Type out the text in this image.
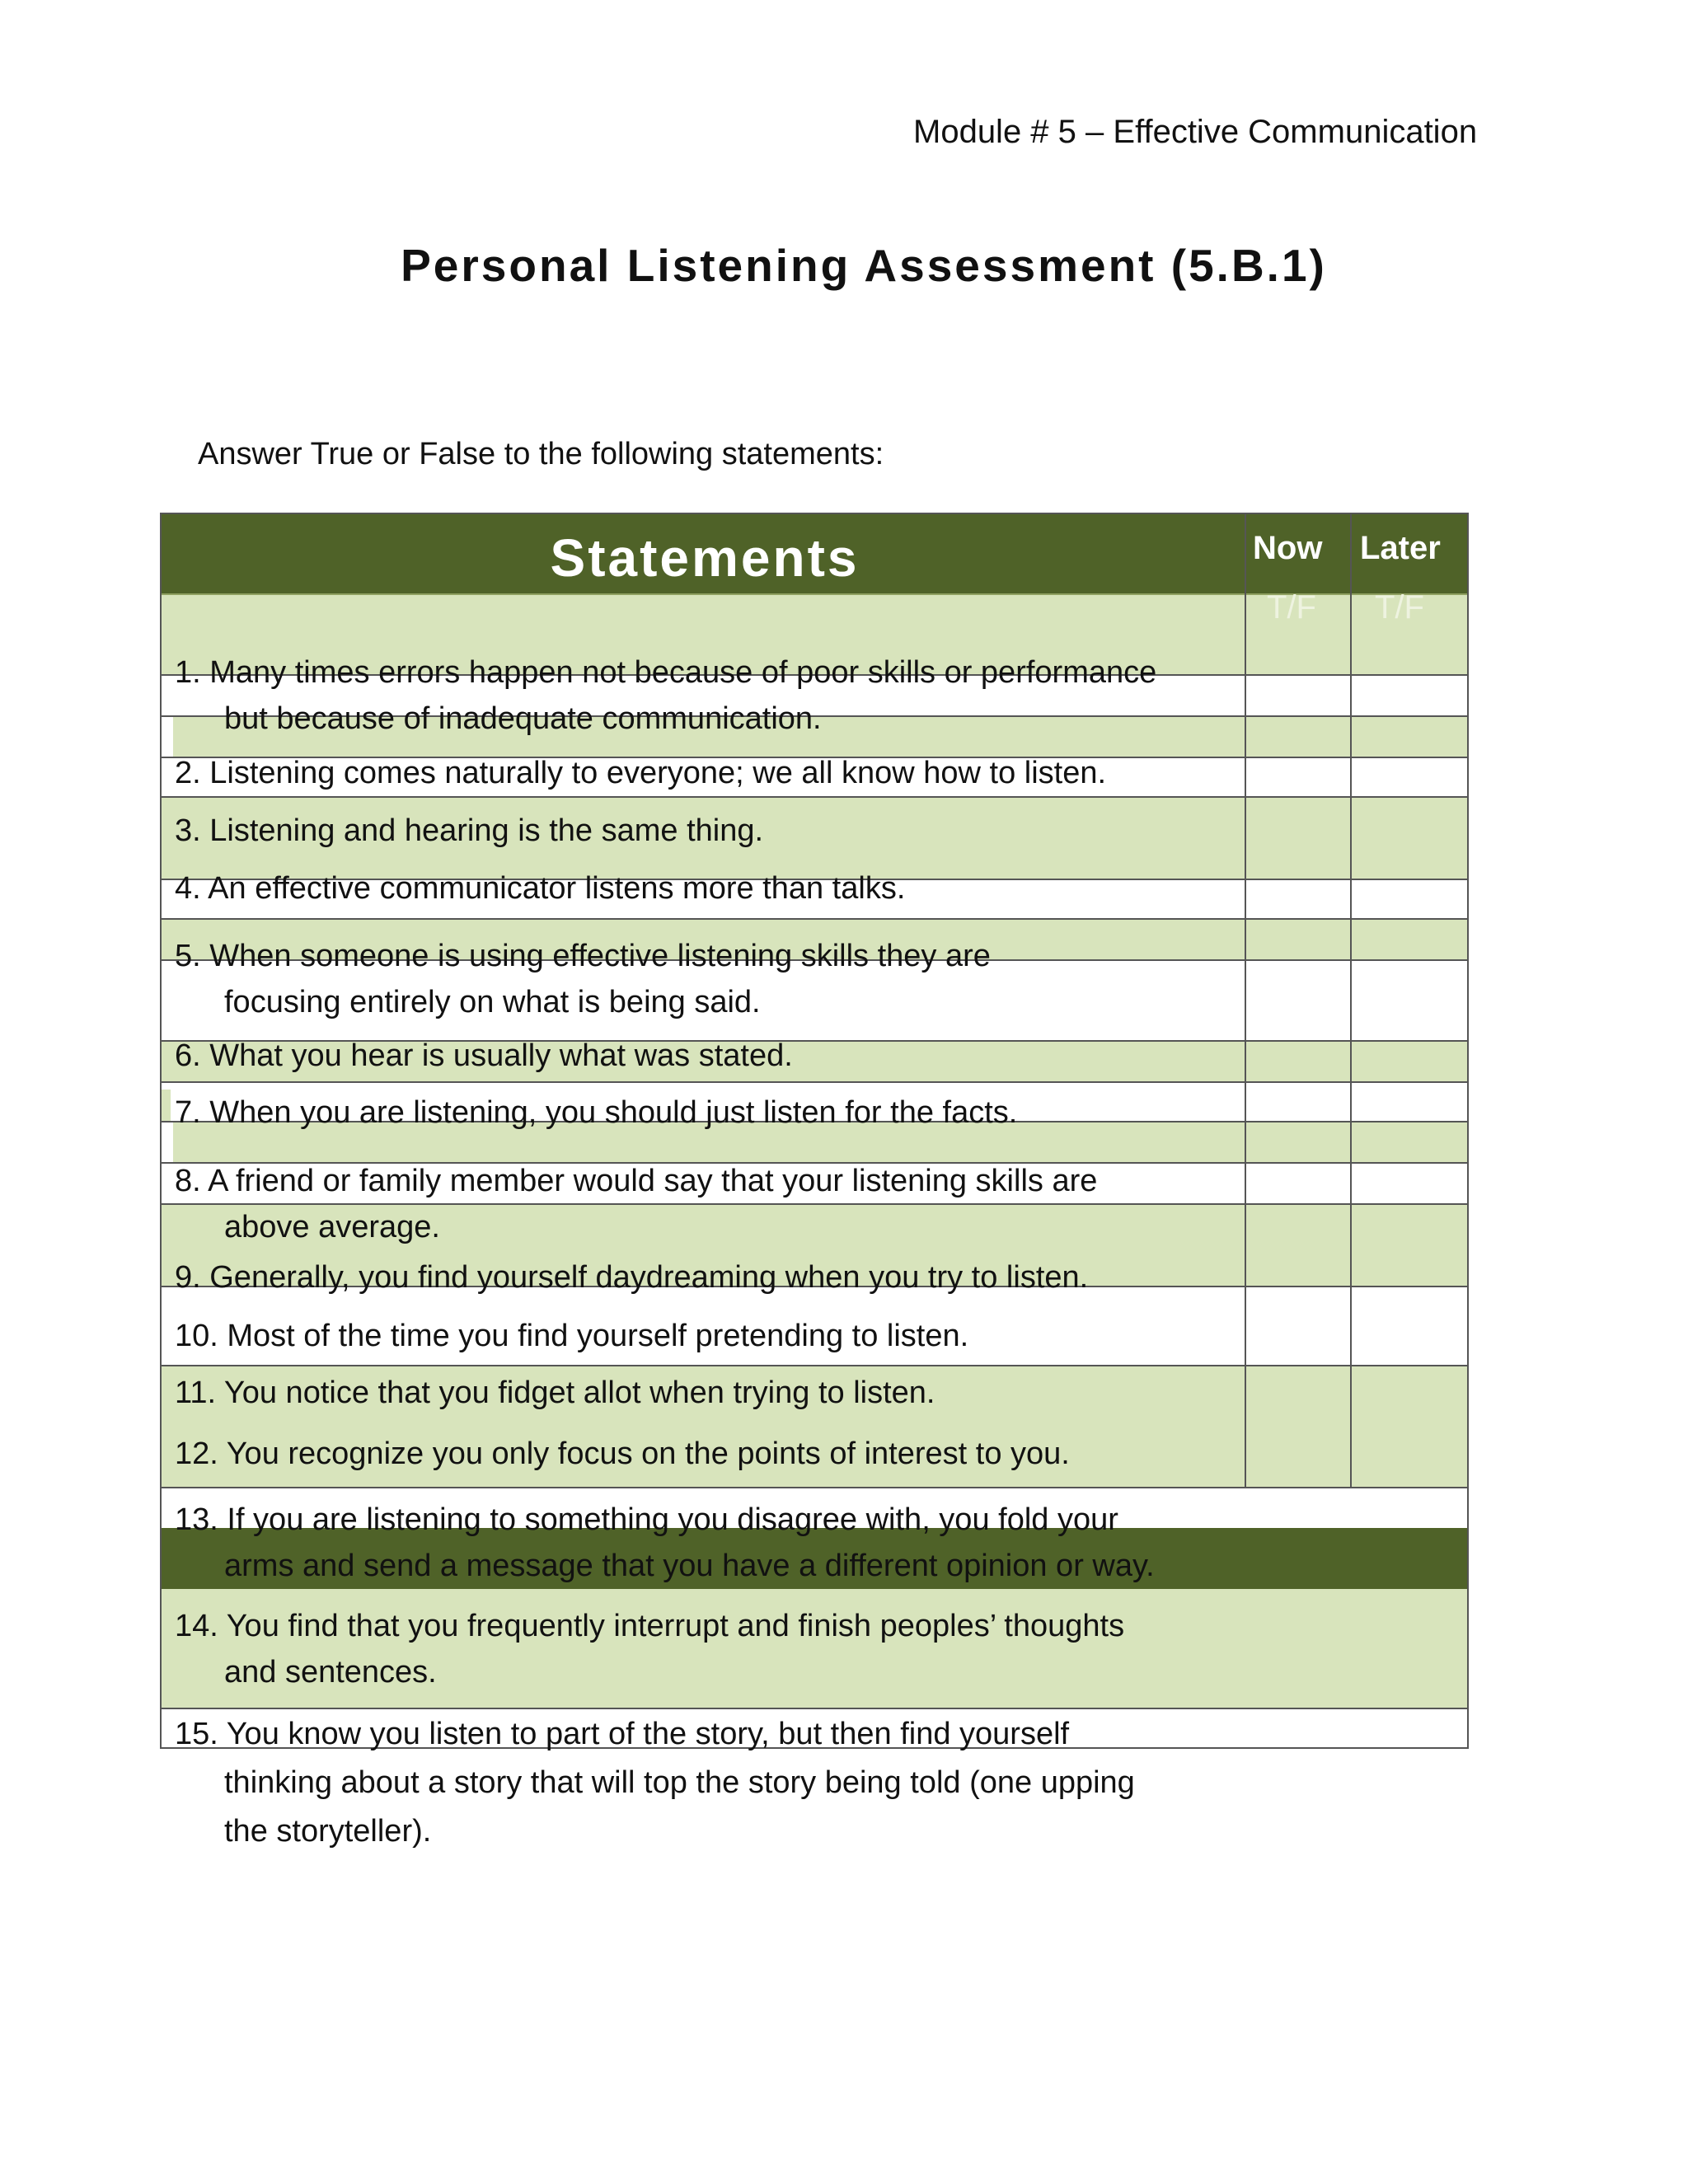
Module # 5 – Effective Communication
Personal Listening Assessment (5.B.1)
Answer True or False to the following statements:
Statements	Now Later
T/F T/F
1. Many times errors happen not because of poor skills or performance
but because of inadequate communication.
2. Listening comes naturally to everyone; we all know how to listen.
3. Listening and hearing is the same thing.
4. An effective communicator listens more than talks.
5. When someone is using effective listening skills they are
focusing entirely on what is being said.
6. What you hear is usually what was stated.
7. When you are listening, you should just listen for the facts.
8. A friend or family member would say that your listening skills are
above average.
9. Generally, you find yourself daydreaming when you try to listen.
10. Most of the time you find yourself pretending to listen.
11. You notice that you fidget allot when trying to listen.
12. You recognize you only focus on the points of interest to you.
13. If you are listening to something you disagree with, you fold your
arms and send a message that you have a different opinion or way.
14. You find that you frequently interrupt and finish peoples’ thoughts
and sentences.
15. You know you listen to part of the story, but then find yourself
thinking about a story that will top the story being told (one upping
the storyteller).
